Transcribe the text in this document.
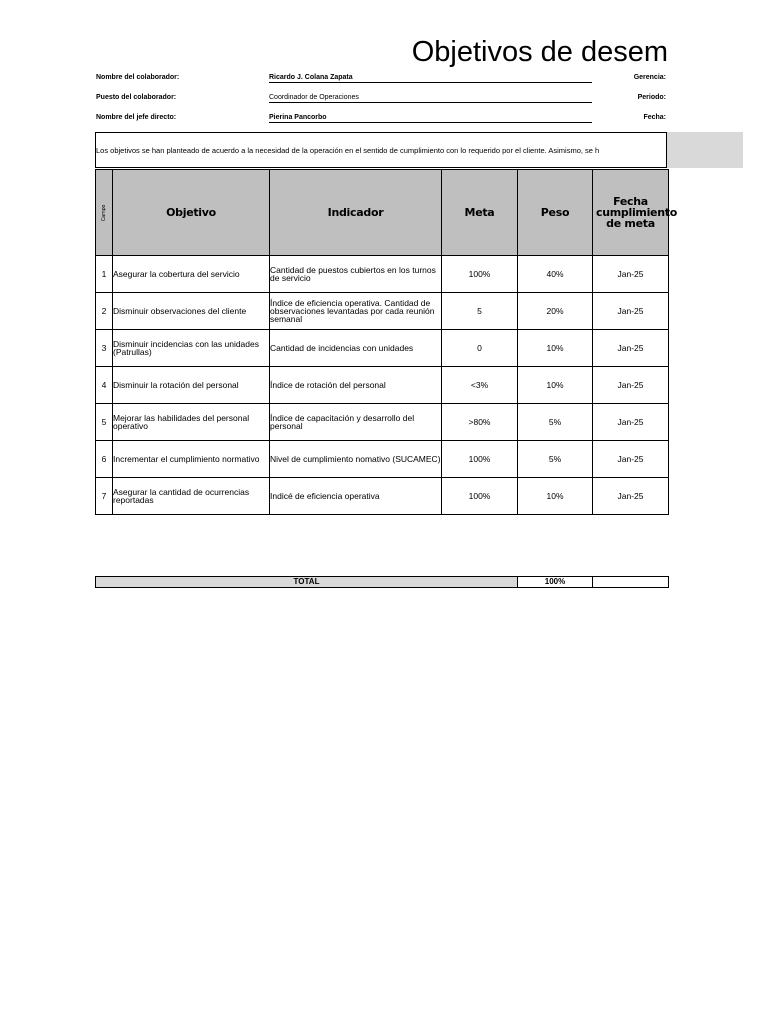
Objetivos de desem
Nombre del colaborador:	Ricardo J. Colana Zapata	Gerencia:
Puesto del colaborador:	Coordinador de Operaciones	Periodo:
Nombre del jefe directo:	Pierina Pancorbo	Fecha:
Los objetivos se han planteado de acuerdo a la necesidad de la operación en el sentido de cumplimiento con lo requerido por el cliente. Asimismo, se h
Campo	Objetivo	Indicador	Meta	Peso	Fecha cumplimiento de meta
1	Asegurar la cobertura del servicio	Cantidad de puestos cubiertos en los turnos de servicio	100%	40%	Jan-25
2	Disminuir observaciones del cliente	Índice de eficiencia operativa. Cantidad de observaciones levantadas por cada reunión semanal	5	20%	Jan-25
3	Disminuir incidencias con las unidades (Patrullas)	Cantidad de incidencias con unidades	0	10%	Jan-25
4	Disminuir la rotación del personal	Índice de rotación del personal	<3%	10%	Jan-25
5	Mejorar las habilidades del personal operativo	Índice de capacitación y desarrollo del personal	>80%	5%	Jan-25
6	Incrementar el cumplimiento normativo	Nivel de cumplimiento nomativo (SUCAMEC)	100%	5%	Jan-25
7	Asegurar la cantidad de ocurrencias reportadas	Indicé de eficiencia operativa	100%	10%	Jan-25
TOTAL	100%	
